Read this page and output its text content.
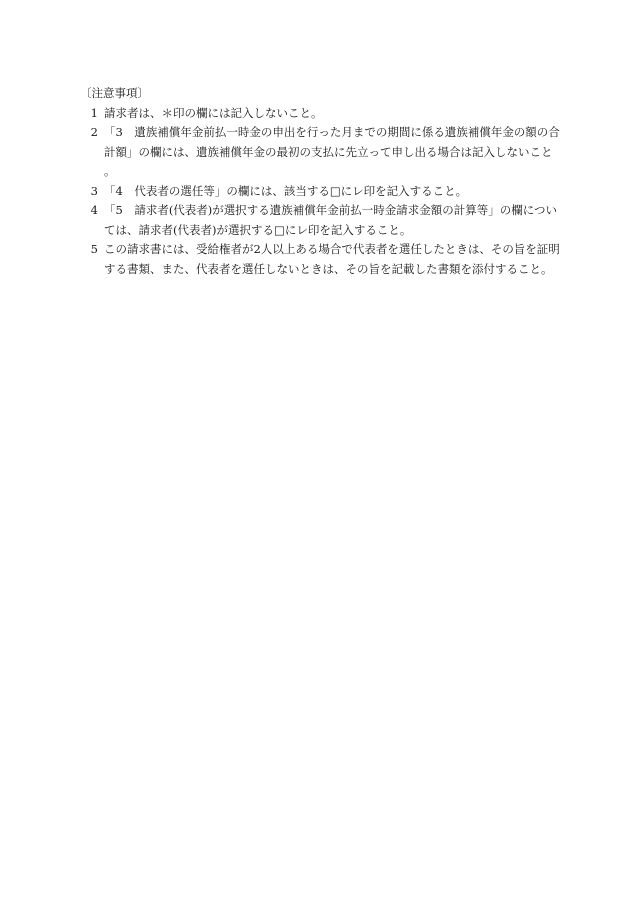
〔注意事項〕
1 請求者は、＊印の欄には記入しないこと。
2 「3　遺族補償年金前払一時金の申出を行った月までの期間に係る遺族補償年金の額の合計額」の欄には、遺族補償年金の最初の支払に先立って申し出る場合は記入しないこと。
3 「4　代表者の選任等」の欄には、該当する□にレ印を記入すること。
4 「5　請求者(代表者)が選択する遺族補償年金前払一時金請求金額の計算等」の欄については、請求者(代表者)が選択する□にレ印を記入すること。
5 この請求書には、受給権者が2人以上ある場合で代表者を選任したときは、その旨を証明する書類、また、代表者を選任しないときは、その旨を記載した書類を添付すること。
